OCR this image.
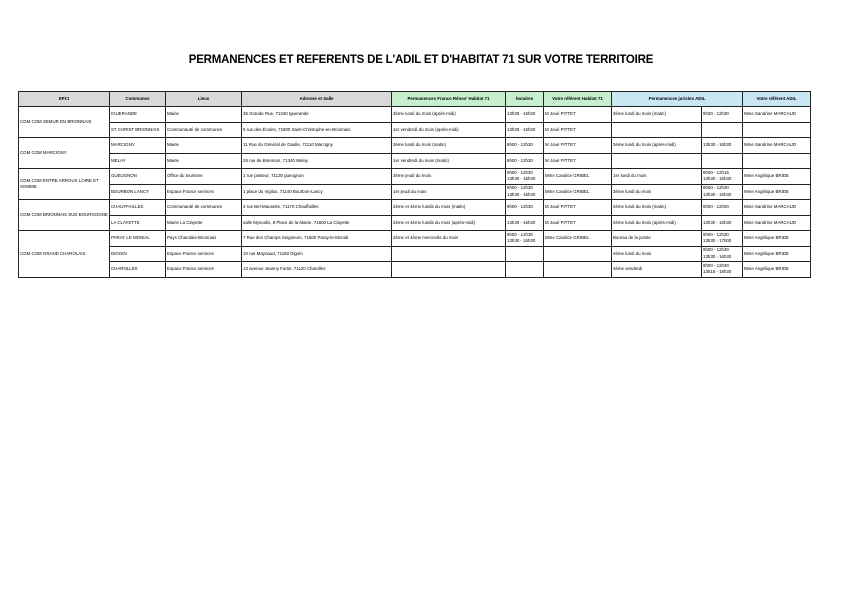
PERMANENCES ET REFERENTS DE L'ADIL ET D'HABITAT 71 SUR VOTRE TERRITOIRE
EPCI	Communes	Lieux	Adresse et Salle	Permanences France Rénov' Habitat 71	horaires	Votre référent Habitat 71	Permanences juristes ADIL		Votre référent ADIL
COM COM SEMUR EN BRIONNAIS	IGUERANDE	Mairie	36 Grande Rue, 71340 Iguerande	3ème lundi du mois (après-midi)	13h30 - 16h30	M Joué PITTET	3ème lundi du mois (matin)	9h30 - 12h30	Mme Sandrine MARCAUD
	ST CHRIST BRIONNAIS	Communauté de communes	5 rue des Écoles, 71800 Saint-Christophe-en-Brionnais	1er vendredi du mois (après-midi)	13h30 - 16h30	M Joué PITTET			
COM COM MARCIGNY	MARCIGNY	Mairie	11 Rue du Général de Gaulle, 71110 Marcigny	3ème lundi du mois (matin)	9h00 - 12h30	M Joué PITTET	3ème lundi du mois (après-midi)	13h30 - 16h30	Mme Sandrine MARCAUD
	MELAY	Mairie	26 rue de Briennon, 71340 Melay	1er vendredi du mois (matin)	9h00 - 12h30	M Joué PITTET			
COM COM ENTRE ARROUX LOIRE ET SOMME	GUEUGNON	Office du tourisme	1 rue pasteur, 71130 gueugnon	3ème jeudi du mois	9h00 - 12h30 13h30 - 16h30	Mme Candice GRIBEL	1er lundi du mois	9h00 - 12h15 13h30 - 16h30	Mme Angélique BRIDE
	BOURBON LANCY	Espace France services	1 place du Vigilus, 71140 Bourbon-Lancy	1er jeudi du mois	9h00 - 12h30 13h30 - 16h30	Mme Candice GRIBEL	3ème lundi du mois	9h00 - 12h30 13h30 - 16h30	Mme Angélique BRIDE
COM COM BRIONNAIS SUD BOURGOGNE	CHAUFFAILLES	Communauté de communes	4 rue Bel-Mausette, 71170 Chauffailles	2ème et 4ème lundis du mois (matin)	9h00 - 12h30	M Joué PITTET	2ème lundi du mois (matin)	9h00 - 12h00	Mme Sandrine MARCAUD
	LA CLAYETTE	Mairie La Clayette	salle Mysoolis, 8 Place de la Mairie, 71800 La Clayette	2ème et 4ème lundis du mois (après-midi)	13h30 - 16h30	M Joué PITTET	2ème lundi du mois (après-midi)	13h30 - 16h30	Mme Sandrine MARCAUD
COM COM GRAND CHAROLAIS	PARAY LE MONIAL	Pays Charolais-Brionnais	7 Rue des Champs Seigneurs, 71600 Paray-le-Monial	2ème et 4ème mercredis du mois	9h00 - 12h30 13h30 - 16h30	Mme Candice GRIBEL	Bureau de la juriste	9h00 - 12h30 13h30 - 17h00	Mme Angélique BRIDE
	DIGOIN	Espace France services	10 rue Maynaud, 71160 Digoin				4ème lundi du mois	9h00 - 12h30 13h30 - 16h30	Mme Angélique BRIDE
	CHAROLLES	Espace France services	13 avenue Jeanny Furtin, 71120 Charolles				4ème vendredi	9h00 - 12h30 13h15 - 16h30	Mme Angélique BRIDE
